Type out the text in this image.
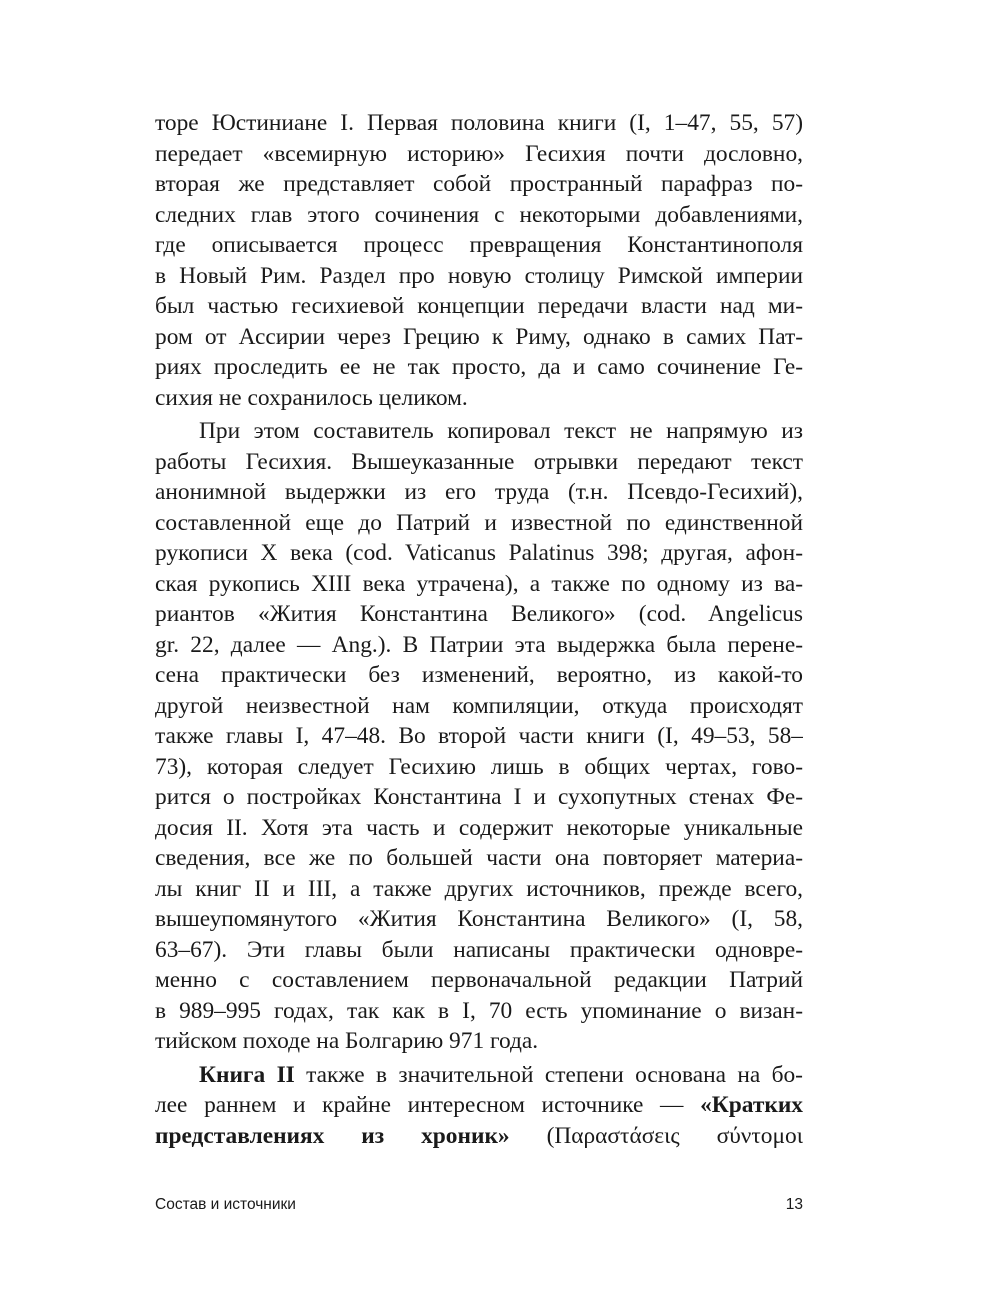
торе Юстиниане I. Первая половина книги (I, 1–47, 55, 57)
передает «всемирную историю» Гесихия почти дословно,
вторая же представляет собой пространный парафраз по-
следних глав этого сочинения с некоторыми добавлениями,
где описывается процесс превращения Константинополя
в Новый Рим. Раздел про новую столицу Римской империи
был частью гесихиевой концепции передачи власти над ми-
ром от Ассирии через Грецию к Риму, однако в самих Пат-
риях проследить ее не так просто, да и само сочинение Ге-
сихия не сохранилось целиком.
При этом составитель копировал текст не напрямую из
работы Гесихия. Вышеуказанные отрывки передают текст
анонимной выдержки из его труда (т.н. Псевдо-Гесихий),
составленной еще до Патрий и известной по единственной
рукописи X века (cod. Vaticanus Palatinus 398; другая, афон-
ская рукопись XIII века утрачена), а также по одному из ва-
риантов «Жития Константина Великого» (cod. Angelicus
gr. 22, далее — Ang.). В Патрии эта выдержка была перене-
сена практически без изменений, вероятно, из какой-то
другой неизвестной нам компиляции, откуда происходят
также главы I, 47–48. Во второй части книги (I, 49–53, 58–
73), которая следует Гесихию лишь в общих чертах, гово-
рится о постройках Константина I и сухопутных стенах Фе-
досия II. Хотя эта часть и содержит некоторые уникальные
сведения, все же по большей части она повторяет материа-
лы книг II и III, а также других источников, прежде всего,
вышеупомянутого «Жития Константина Великого» (I, 58,
63–67). Эти главы были написаны практически одновре-
менно с составлением первоначальной редакции Патрий
в 989–995 годах, так как в I, 70 есть упоминание о визан-
тийском походе на Болгарию 971 года.
Книга II также в значительной степени основана на бо-
лее раннем и крайне интересном источнике — «Кратких
представлениях из хроник» (Παραστάσεις σύντομοι
Состав и источники	13
